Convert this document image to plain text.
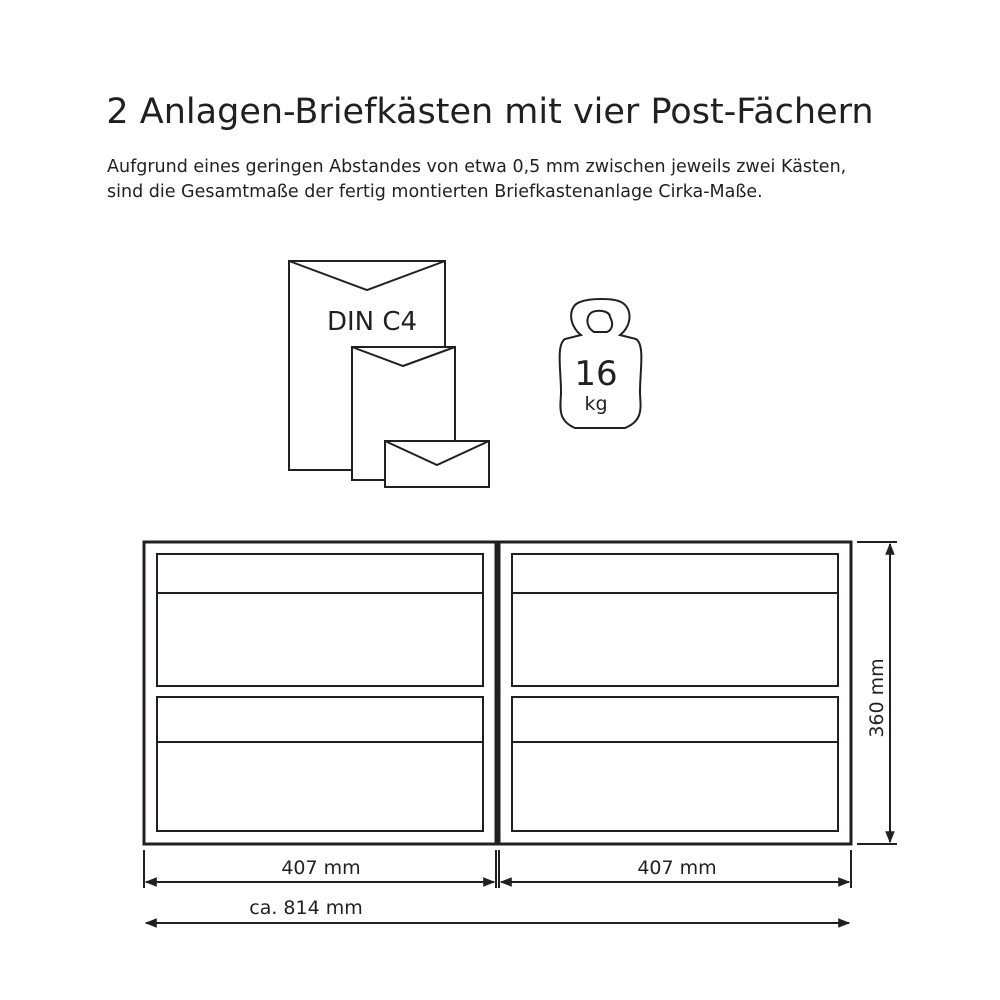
2 Anlagen-Briefkästen mit vier Post-Fächern

Aufgrund eines geringen Abstandes von etwa 0,5 mm zwischen jeweils zwei Kästen,
sind die Gesamtmaße der fertig montierten Briefkastenanlage Cirka-Maße.

DIN C4
16
kg
360 mm
407 mm	407 mm
ca. 814 mm
